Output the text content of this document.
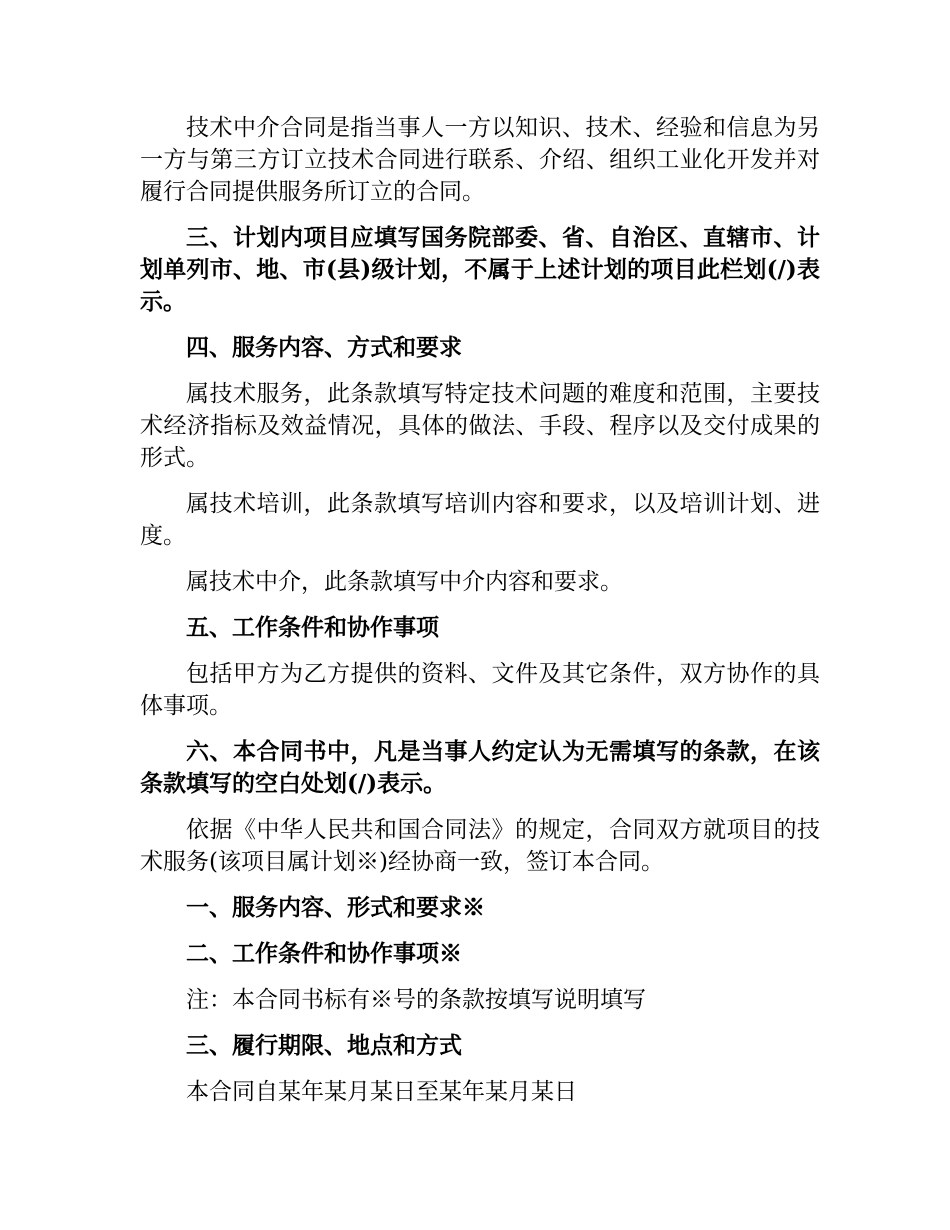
技术中介合同是指当事人一方以知识、技术、经验和信息为另一方与第三方订立技术合同进行联系、介绍、组织工业化开发并对履行合同提供服务所订立的合同。

三、计划内项目应填写国务院部委、省、自治区、直辖市、计划单列市、地、市(县)级计划，不属于上述计划的项目此栏划(/)表示。

四、服务内容、方式和要求

属技术服务，此条款填写特定技术问题的难度和范围，主要技术经济指标及效益情况，具体的做法、手段、程序以及交付成果的形式。

属技术培训，此条款填写培训内容和要求，以及培训计划、进度。

属技术中介，此条款填写中介内容和要求。

五、工作条件和协作事项

包括甲方为乙方提供的资料、文件及其它条件，双方协作的具体事项。

六、本合同书中，凡是当事人约定认为无需填写的条款，在该条款填写的空白处划(/)表示。

依据《中华人民共和国合同法》的规定，合同双方就项目的技术服务(该项目属计划※)经协商一致，签订本合同。

一、服务内容、形式和要求※

二、工作条件和协作事项※

注：本合同书标有※号的条款按填写说明填写

三、履行期限、地点和方式

本合同自某年某月某日至某年某月某日
